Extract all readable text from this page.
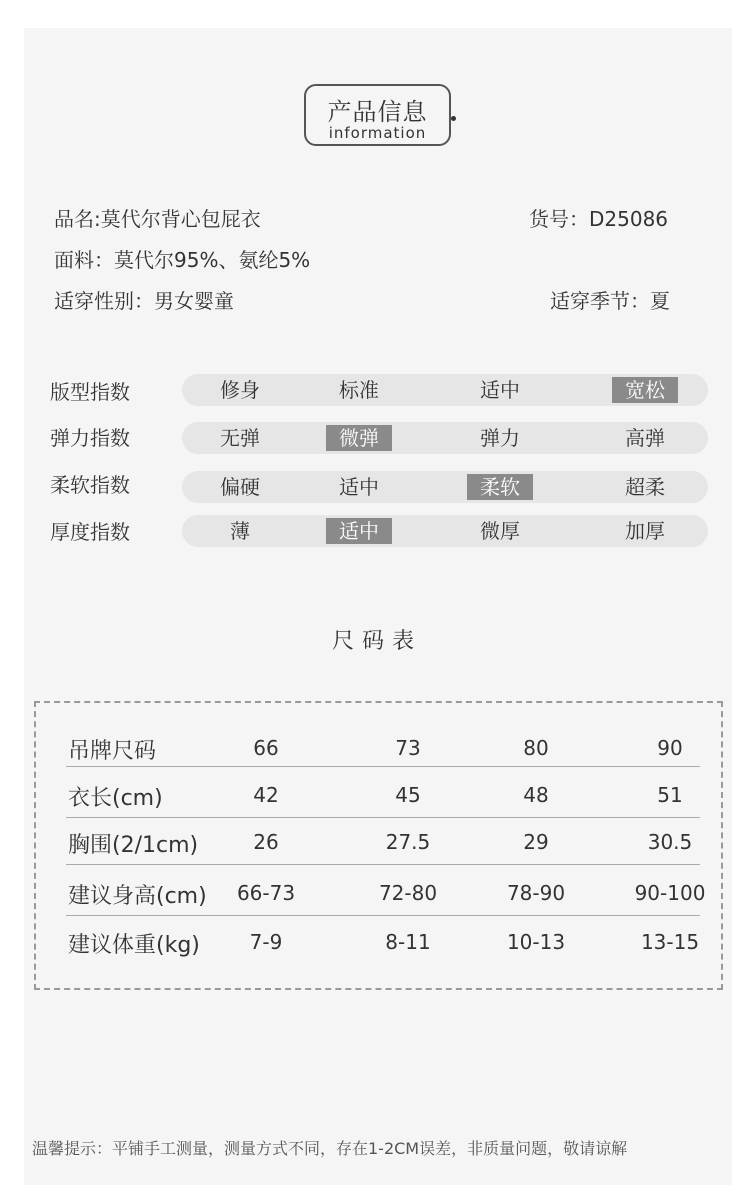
产品信息
information
品名:莫代尔背心包屁衣	货号：D25086
面料：莫代尔95%、氨纶5%
适穿性别：男女婴童	适穿季节：夏
版型指数	修身	标准	适中	宽松
弹力指数	无弹	微弹	弹力	高弹
柔软指数	偏硬	适中	柔软	超柔
厚度指数	薄	适中	微厚	加厚
尺码表
吊牌尺码	66	73	80	90
衣长(cm)	42	45	48	51
胸围(2/1cm)	26	27.5	29	30.5
建议身高(cm) 66-73	72-80	78-90	90-100
建议体重(kg) 7-9	8-11	10-13	13-15
温馨提示：平铺手工测量，测量方式不同，存在1-2CM误差，非质量问题，敬请谅解
